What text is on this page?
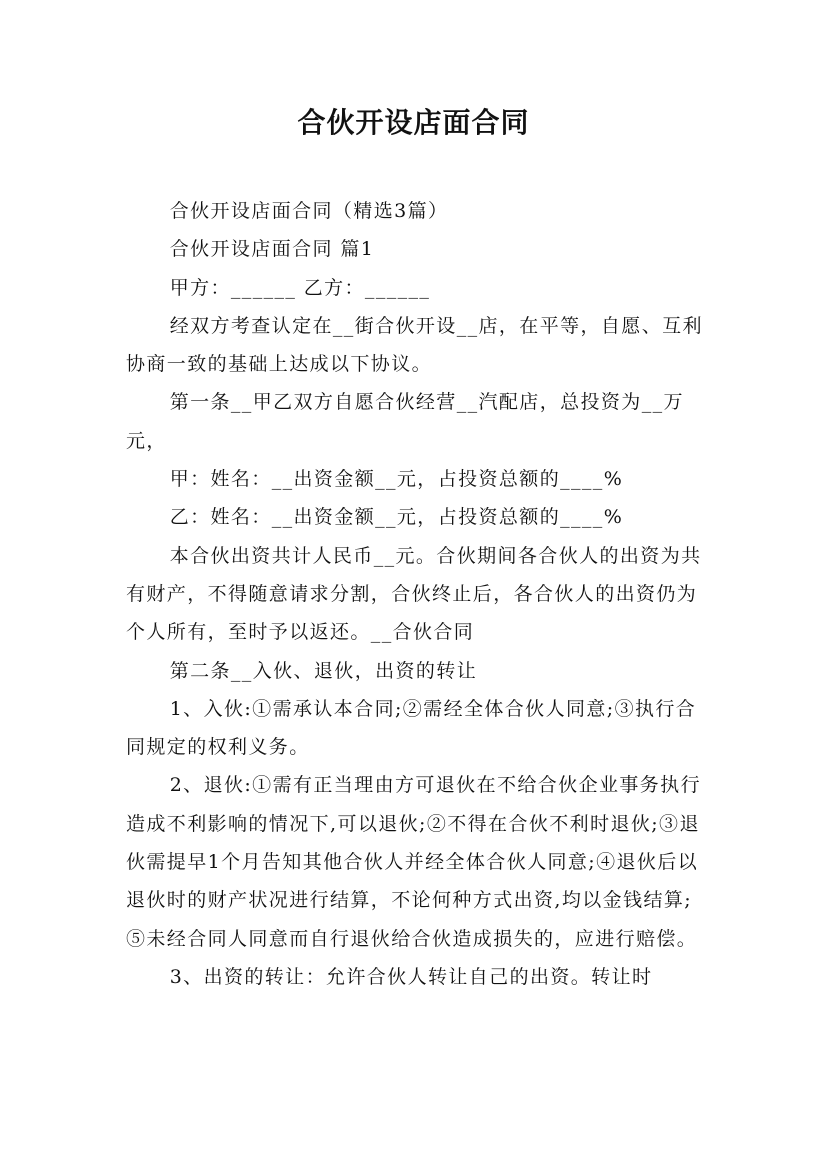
合伙开设店面合同

合伙开设店面合同（精选3篇）

合伙开设店面合同 篇1

甲方：______ 乙方：______

经双方考查认定在__街合伙开设__店，在平等，自愿、互利协商一致的基础上达成以下协议。

第一条__甲乙双方自愿合伙经营__汽配店，总投资为__万元，

甲：姓名：__出资金额__元，占投资总额的____%

乙：姓名：__出资金额__元，占投资总额的____%

本合伙出资共计人民币__元。合伙期间各合伙人的出资为共有财产，不得随意请求分割，合伙终止后，各合伙人的出资仍为个人所有，至时予以返还。__合伙合同

第二条__入伙、退伙，出资的转让

1、入伙:①需承认本合同;②需经全体合伙人同意;③执行合同规定的权利义务。

2、退伙:①需有正当理由方可退伙在不给合伙企业事务执行造成不利影响的情况下,可以退伙;②不得在合伙不利时退伙;③退伙需提早1个月告知其他合伙人并经全体合伙人同意;④退伙后以退伙时的财产状况进行结算，不论何种方式出资,均以金钱结算;⑤未经合同人同意而自行退伙给合伙造成损失的，应进行赔偿。

3、出资的转让：允许合伙人转让自己的出资。转让时
